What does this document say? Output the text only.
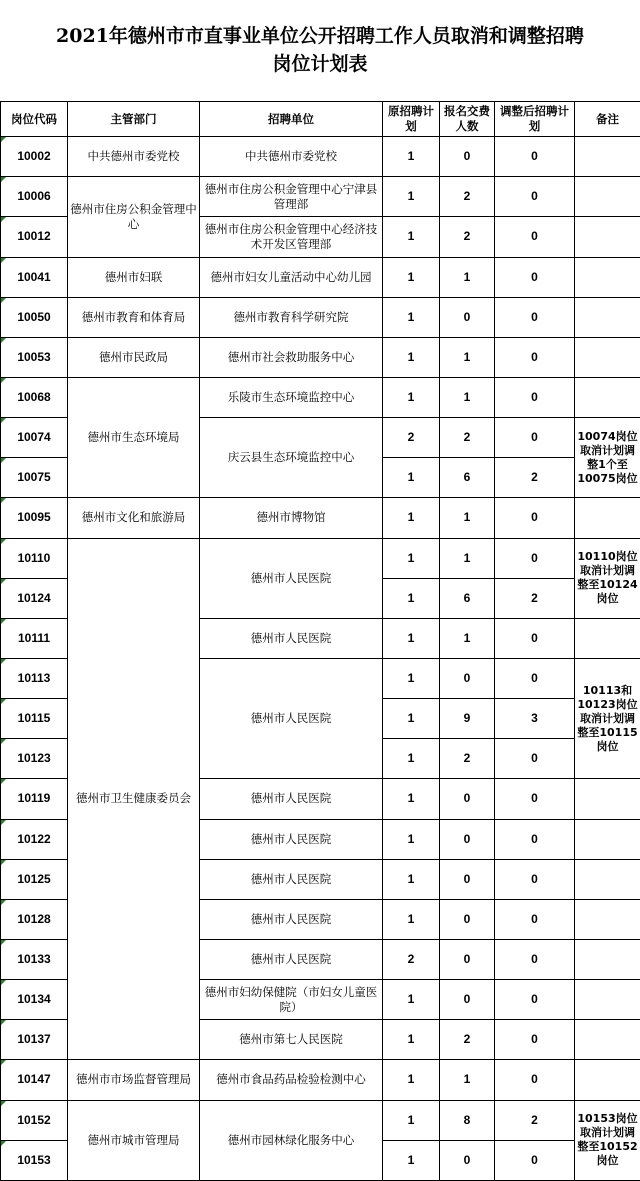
2021年德州市市直事业单位公开招聘工作人员取消和调整招聘
岗位计划表
岗位代码	主管部门	招聘单位	原招聘计划	报名交费人数	调整后招聘计划	备注
10002	中共德州市委党校	中共德州市委党校	1	0	0	
10006	德州市住房公积金管理中心	德州市住房公积金管理中心宁津县管理部	1	2	0	
10012		德州市住房公积金管理中心经济技术开发区管理部	1	2	0	
10041	德州市妇联	德州市妇女儿童活动中心幼儿园	1	1	0	
10050	德州市教育和体育局	德州市教育科学研究院	1	0	0	
10053	德州市民政局	德州市社会救助服务中心	1	1	0	
10068	德州市生态环境局	乐陵市生态环境监控中心	1	1	0	
10074		庆云县生态环境监控中心	2	2	0	10074岗位取消计划调整1个至10075岗位
10075			1	6	2	
10095	德州市文化和旅游局	德州市博物馆	1	1	0	
10110	德州市卫生健康委员会	德州市人民医院	1	1	0	10110岗位取消计划调整至10124岗位
10124			1	6	2	
10111		德州市人民医院	1	1	0	
10113		德州市人民医院	1	0	0	10113和10123岗位取消计划调整至10115岗位
10115			1	9	3	
10123			1	2	0	
10119		德州市人民医院	1	0	0	
10122		德州市人民医院	1	0	0	
10125		德州市人民医院	1	0	0	
10128		德州市人民医院	1	0	0	
10133		德州市人民医院	2	0	0	
10134		德州市妇幼保健院（市妇女儿童医院）	1	0	0	
10137		德州市第七人民医院	1	2	0	
10147	德州市市场监督管理局	德州市食品药品检验检测中心	1	1	0	
10152	德州市城市管理局	德州市园林绿化服务中心	1	8	2	10153岗位取消计划调整至10152岗位
10153			1	0	0	
